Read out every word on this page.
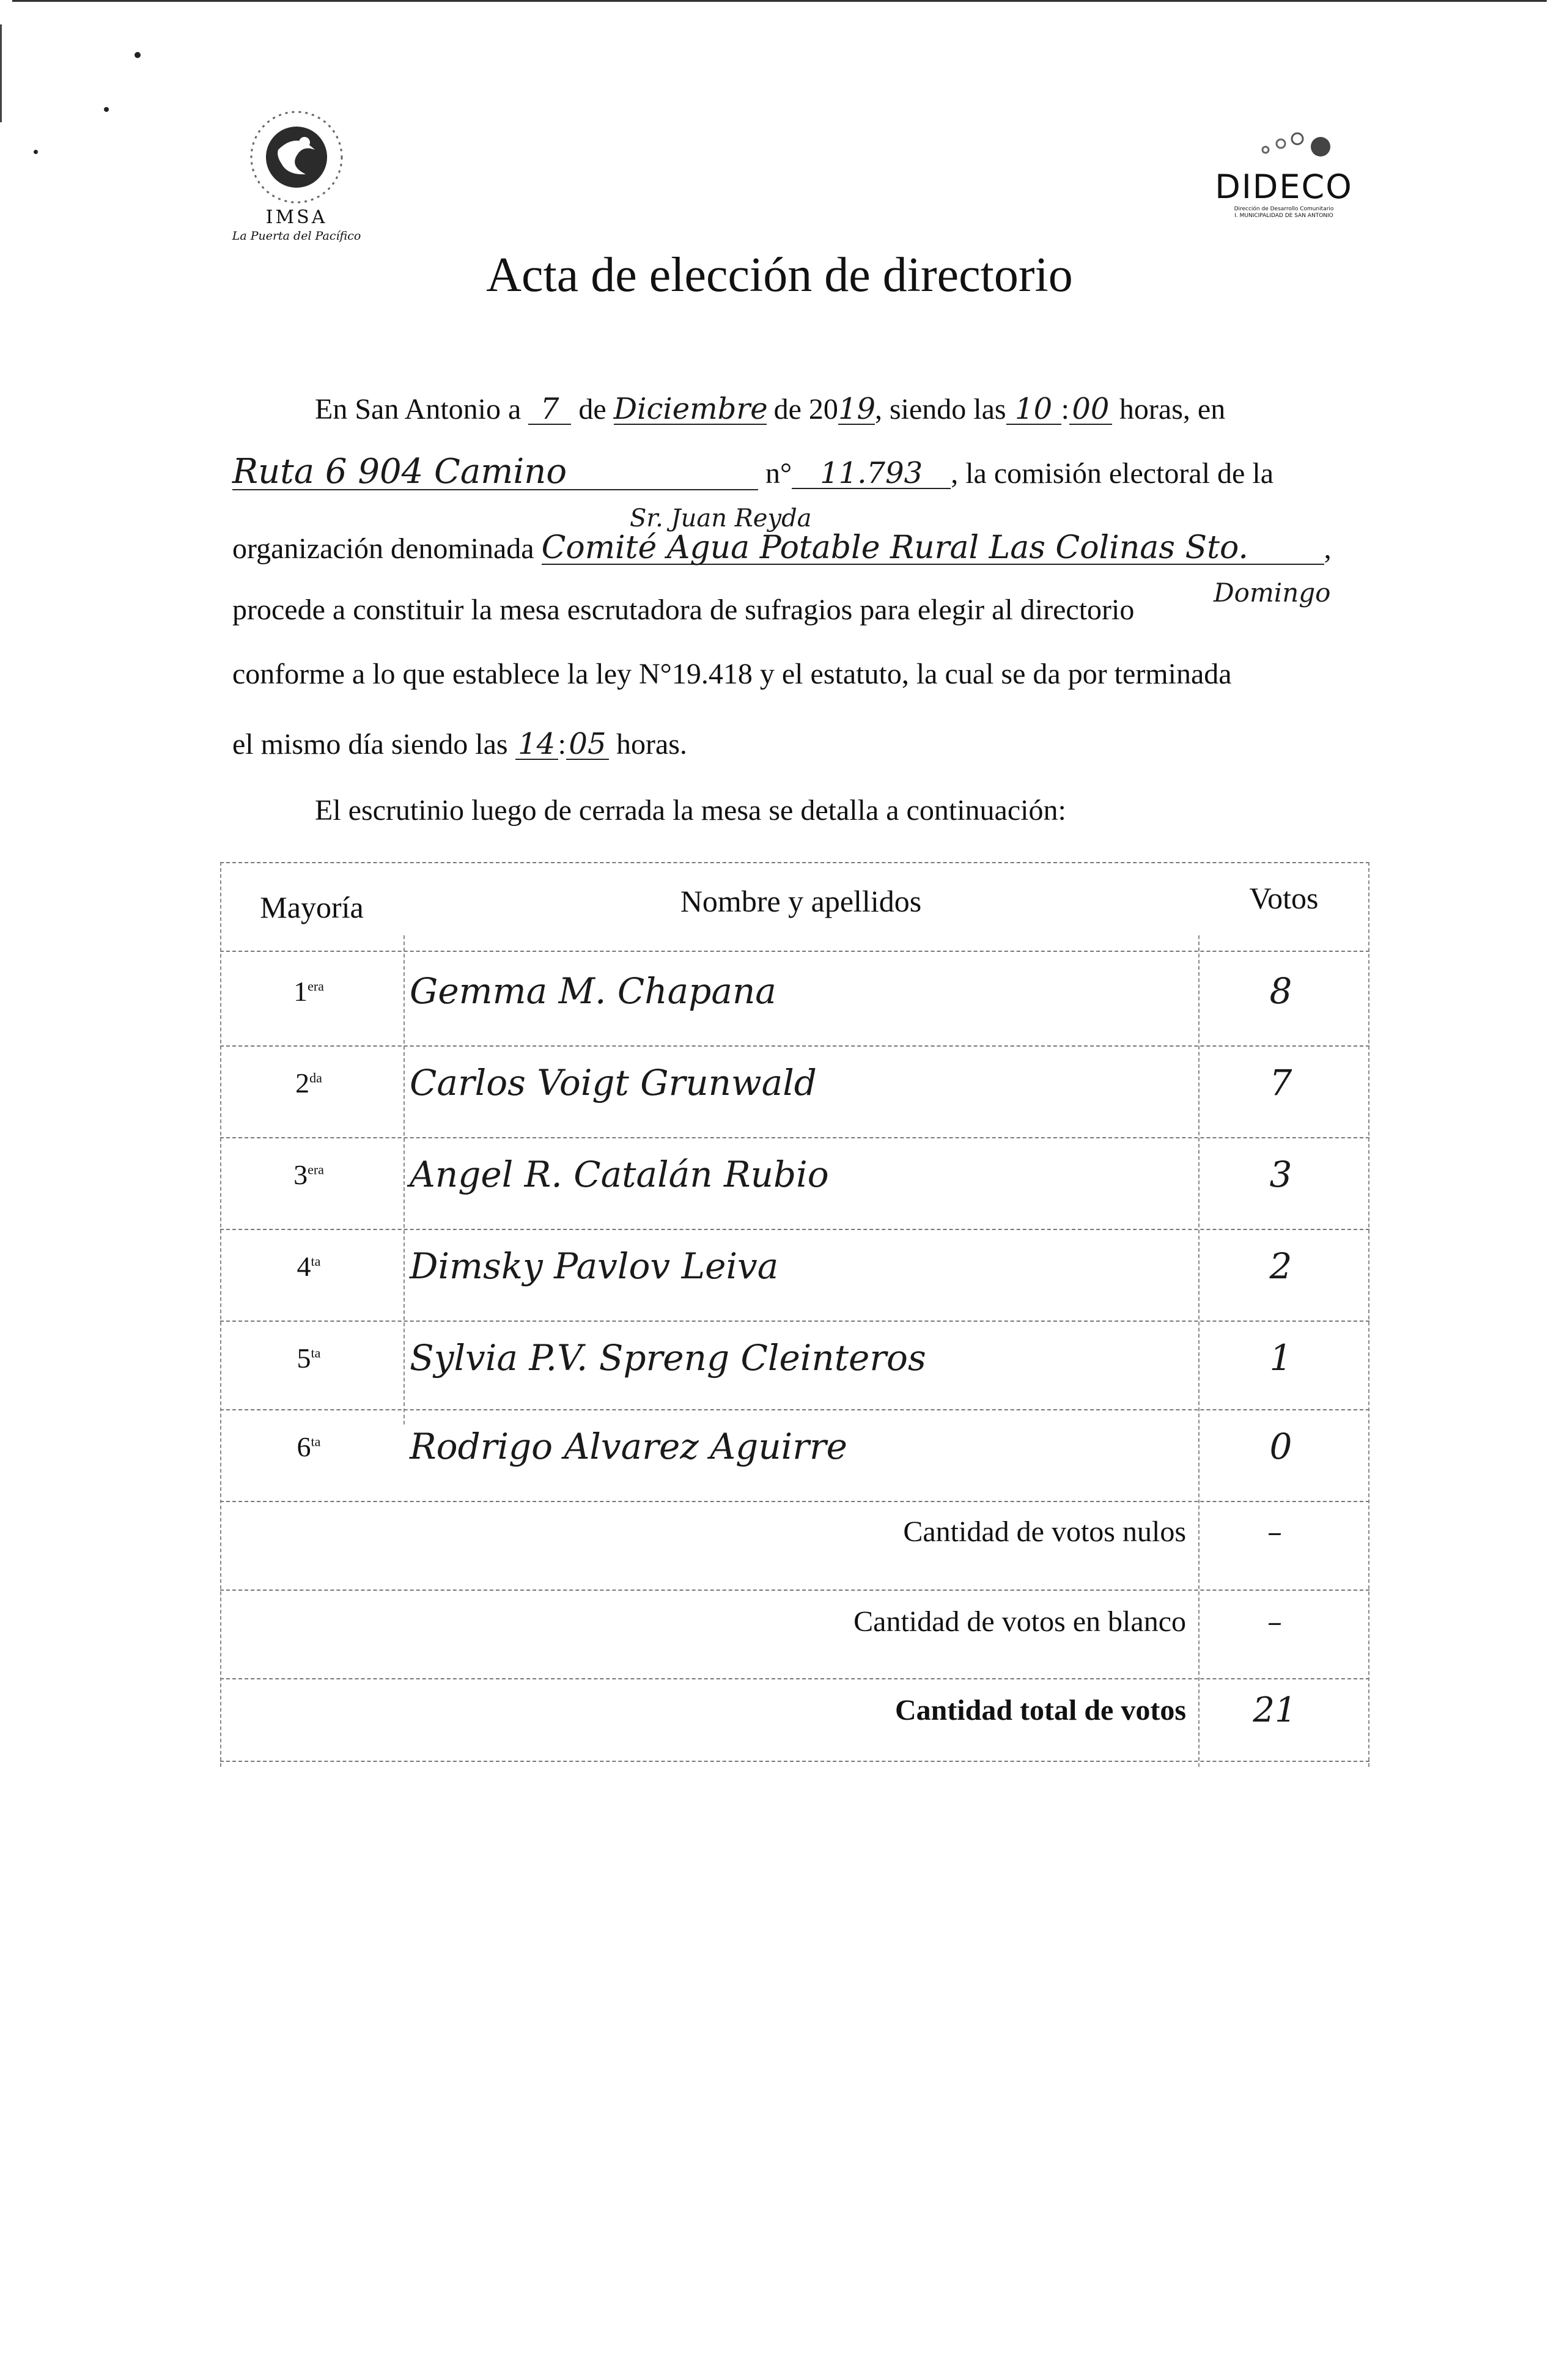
IMSA
La Puerta del Pacífico
DIDECO
Dirección de Desarrollo Comunitario
I. MUNICIPALIDAD DE SAN ANTONIO
Acta de elección de directorio
En San Antonio a 7 de Diciembre de 2019, siendo las 10 :00 horas, en
Ruta 6 904 Camino	n° 11.793 , la comisión electoral de la
Sr. Juan Reyda
organización denominada Comité Agua Potable Rural Las Colinas Sto.	,
Domingo
procede a constituir la mesa escrutadora de sufragios para elegir al directorio
conforme a lo que establece la ley N°19.418 y el estatuto, la cual se da por terminada
el mismo día siendo las 14:05 horas.
El escrutinio luego de cerrada la mesa se detalla a continuación:
Mayoría	Nombre y apellidos	Votos
$1^{era}$	Gemma M. Chapana	8
$2^{da}$	Carlos Voigt Grunwald	7
$3^{era}$	Angel R. Catalán Rubio	3
$4^{ta}$	Dimsky Pavlov Leiva	2
$5^{ta}$	Sylvia P.V. Spreng Cleinteros	1
$6^{ta}$	Rodrigo Alvarez Aguirre	0
Cantidad de votos nulos	–
Cantidad de votos en blanco	–
Cantidad total de votos	21
